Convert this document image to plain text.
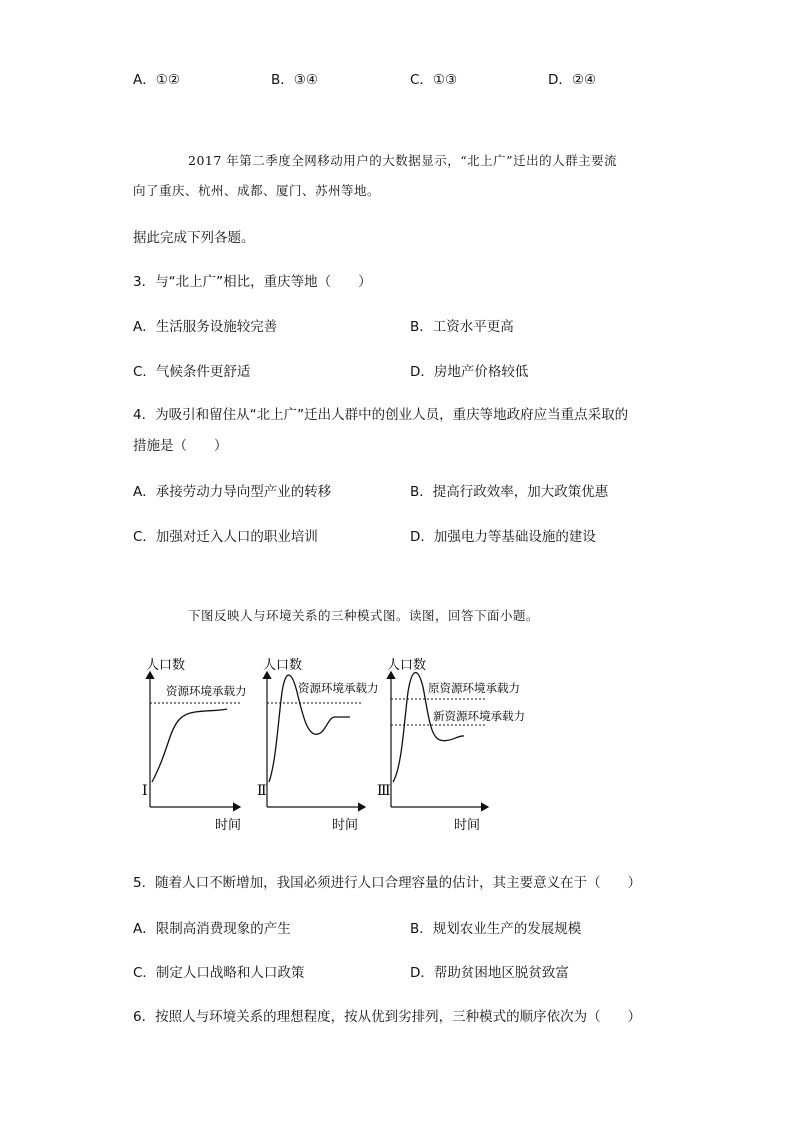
A．①②	B．③④	C．①③	D．②④
2017 年第二季度全网移动用户的大数据显示，“北上广”迁出的人群主要流
向了重庆、杭州、成都、厦门、苏州等地。
据此完成下列各题。
3．与“北上广”相比，重庆等地（　　）
A．生活服务设施较完善	B．工资水平更高
C．气候条件更舒适	D．房地产价格较低
4．为吸引和留住从“北上广”迁出人群中的创业人员，重庆等地政府应当重点采取的
措施是（　　）
A．承接劳动力导向型产业的转移	B．提高行政效率，加大政策优惠
C．加强对迁入人口的职业培训	D．加强电力等基础设施的建设
下图反映人与环境关系的三种模式图。读图，回答下面小题。
人口数
时间
资源环境承载力
Ⅰ
人口数
时间
资源环境承载力
Ⅱ
人口数
时间
原资源环境承载力
新资源环境承载力
Ⅲ
5．随着人口不断增加，我国必须进行人口合理容量的估计，其主要意义在于（　　）
A．限制高消费现象的产生	B．规划农业生产的发展规模
C．制定人口战略和人口政策	D．帮助贫困地区脱贫致富
6．按照人与环境关系的理想程度，按从优到劣排列，三种模式的顺序依次为（　　）
